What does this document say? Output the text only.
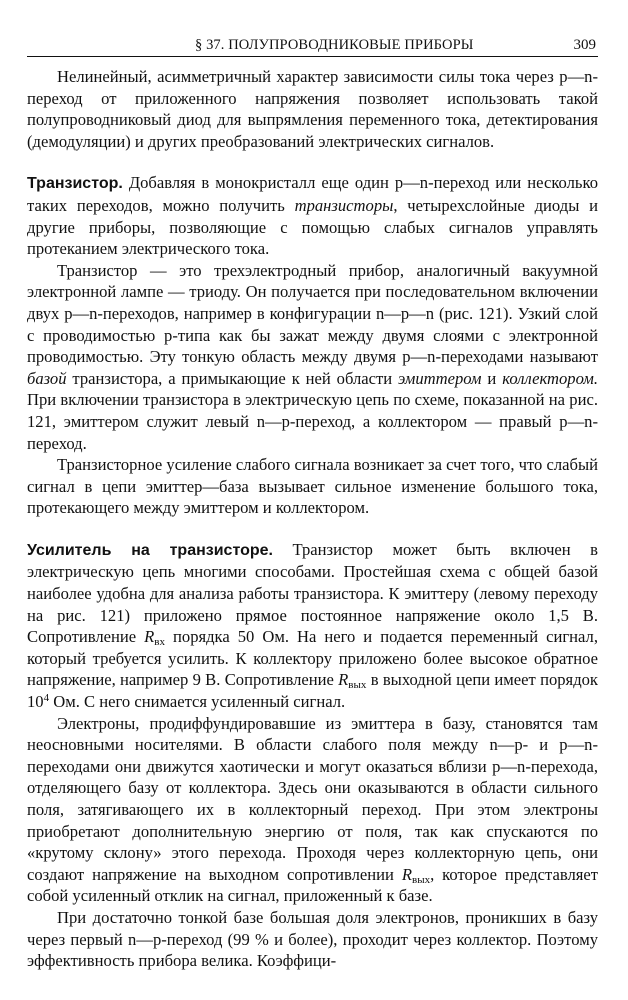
§ 37. ПОЛУПРОВОДНИКОВЫЕ ПРИБОРЫ	309

Нелинейный, асимметричный характер зависимости силы тока через p—n-переход от приложенного напряжения позволяет использовать такой полупроводниковый диод для выпрямления переменного тока, детектирования (демодуляции) и других преобразований электрических сигналов.

Транзистор. Добавляя в монокристалл еще один p—n-переход или несколько таких переходов, можно получить транзисторы, четырехслойные диоды и другие приборы, позволяющие с помощью слабых сигналов управлять протеканием электрического тока.

Транзистор — это трехэлектродный прибор, аналогичный вакуумной электронной лампе — триоду. Он получается при последовательном включении двух p—n-переходов, например в конфигурации n—p—n (рис. 121). Узкий слой с проводимостью p-типа как бы зажат между двумя слоями с электронной проводимостью. Эту тонкую область между двумя p—n-переходами называют базой транзистора, а примыкающие к ней области эмиттером и коллектором. При включении транзистора в электрическую цепь по схеме, показанной на рис. 121, эмиттером служит левый n—p-переход, а коллектором — правый p—n-переход.

Транзисторное усиление слабого сигнала возникает за счет того, что слабый сигнал в цепи эмиттер—база вызывает сильное изменение большого тока, протекающего между эмиттером и коллектором.

Усилитель на транзисторе. Транзистор может быть включен в электрическую цепь многими способами. Простейшая схема с общей базой наиболее удобна для анализа работы транзистора. К эмиттеру (левому переходу на рис. 121) приложено прямое постоянное напряжение около 1,5 В. Сопротивление $R_{вх}$ порядка 50 Ом. На него и подается переменный сигнал, который требуется усилить. К коллектору приложено более высокое обратное напряжение, например 9 В. Сопротивление $R_{вых}$ в выходной цепи имеет порядок $10^4$ Ом. С него снимается усиленный сигнал.

Электроны, продиффундировавшие из эмиттера в базу, становятся там неосновными носителями. В области слабого поля между n—p- и p—n-переходами они движутся хаотически и могут оказаться вблизи p—n-перехода, отделяющего базу от коллектора. Здесь они оказываются в области сильного поля, затягивающего их в коллекторный переход. При этом электроны приобретают дополнительную энергию от поля, так как спускаются по «крутому склону» этого перехода. Проходя через коллекторную цепь, они создают напряжение на выходном сопротивлении $R_{вых}$, которое представляет собой усиленный отклик на сигнал, приложенный к базе.

При достаточно тонкой базе большая доля электронов, проникших в базу через первый n—p-переход (99 % и более), проходит через коллектор. Поэтому эффективность прибора велика. Коэффици-
